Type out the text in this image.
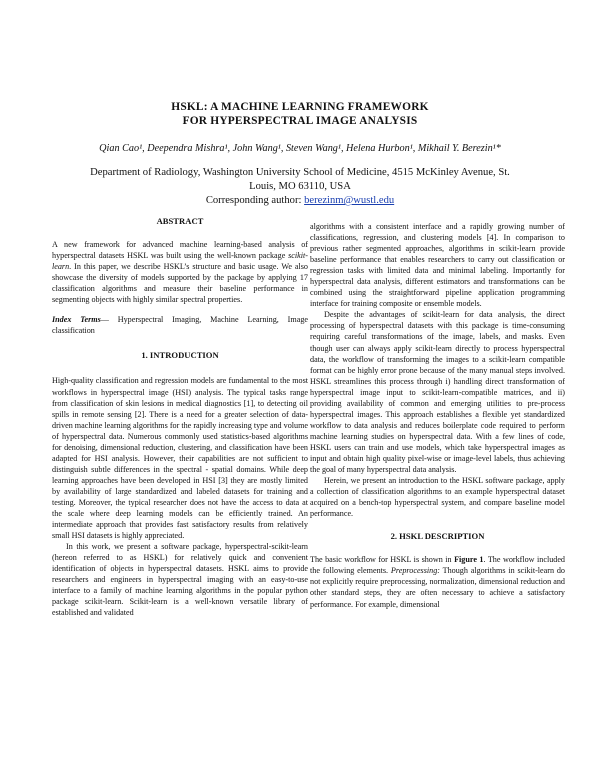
HSKL: A MACHINE LEARNING FRAMEWORK
FOR HYPERSPECTRAL IMAGE ANALYSIS
Qian Cao¹, Deependra Mishra¹, John Wang¹, Steven Wang¹, Helena Hurbon¹, Mikhail Y. Berezin¹*
Department of Radiology, Washington University School of Medicine, 4515 McKinley Avenue, St.
Louis, MO 63110, USA
Corresponding author: berezinm@wustl.edu

ABSTRACT

A new framework for advanced machine learning-based analysis of hyperspectral datasets HSKL was built using the well-known package scikit-learn. In this paper, we describe HSKL’s structure and basic usage. We also showcase the diversity of models supported by the package by applying 17 classification algorithms and measure their baseline performance in segmenting objects with highly similar spectral properties.

Index Terms— Hyperspectral Imaging, Machine Learning, Image classification

1. INTRODUCTION

High-quality classification and regression models are fundamental to the most workflows in hyperspectral image (HSI) analysis. The typical tasks range from classification of skin lesions in medical diagnostics [1], to detecting oil spills in remote sensing [2]. There is a need for a greater selection of data-driven machine learning algorithms for the rapidly increasing type and volume of hyperspectral data. Numerous commonly used statistics-based algorithms for denoising, dimensional reduction, clustering, and classification have been adapted for HSI analysis. However, their capabilities are not sufficient to distinguish subtle differences in the spectral - spatial domains. While deep learning approaches have been developed in HSI [3] they are mostly limited by availability of large standardized and labeled datasets for training and testing. Moreover, the typical researcher does not have the access to data at the scale where deep learning models can be efficiently trained. An intermediate approach that provides fast satisfactory results from relatively small HSI datasets is highly appreciated.

In this work, we present a software package, hyperspectral-scikit-learn (hereon referred to as HSKL) for relatively quick and convenient identification of objects in hyperspectral datasets. HSKL aims to provide researchers and engineers in hyperspectral imaging with an easy-to-use interface to a family of machine learning algorithms in the popular python package scikit-learn. Scikit-learn is a well-known versatile library of established and validated

algorithms with a consistent interface and a rapidly growing number of classifications, regression, and clustering models [4]. In comparison to previous rather segmented approaches, algorithms in scikit-learn provide baseline performance that enables researchers to carry out classification or regression tasks with limited data and minimal labeling. Importantly for hyperspectral data analysis, different estimators and transformations can be combined using the straightforward pipeline application programming interface for training composite or ensemble models.

Despite the advantages of scikit-learn for data analysis, the direct processing of hyperspectral datasets with this package is time-consuming requiring careful transformations of the image, labels, and masks. Even though user can always apply scikit-learn directly to process hyperspectral data, the workflow of transforming the images to a scikit-learn compatible format can be highly error prone because of the many manual steps involved. HSKL streamlines this process through i) handling direct transformation of hyperspectral image input to scikit-learn-compatible matrices, and ii) providing availability of common and emerging utilities to pre-process hyperspectral images. This approach establishes a flexible yet standardized workflow to data analysis and reduces boilerplate code required to perform machine learning studies on hyperspectral data. With a few lines of code, HSKL users can train and use models, which take hyperspectral images as input and obtain high quality pixel-wise or image-level labels, thus achieving the goal of many hyperspectral data analysis.

Herein, we present an introduction to the HSKL software package, apply a collection of classification algorithms to an example hyperspectral dataset acquired on a bench-top hyperspectral system, and compare baseline model performance.

2. HSKL DESCRIPTION

The basic workflow for HSKL is shown in Figure 1. The workflow included the following elements. Preprocessing: Though algorithms in scikit-learn do not explicitly require preprocessing, normalization, dimensional reduction and other standard steps, they are often necessary to achieve a satisfactory performance. For example, dimensional
